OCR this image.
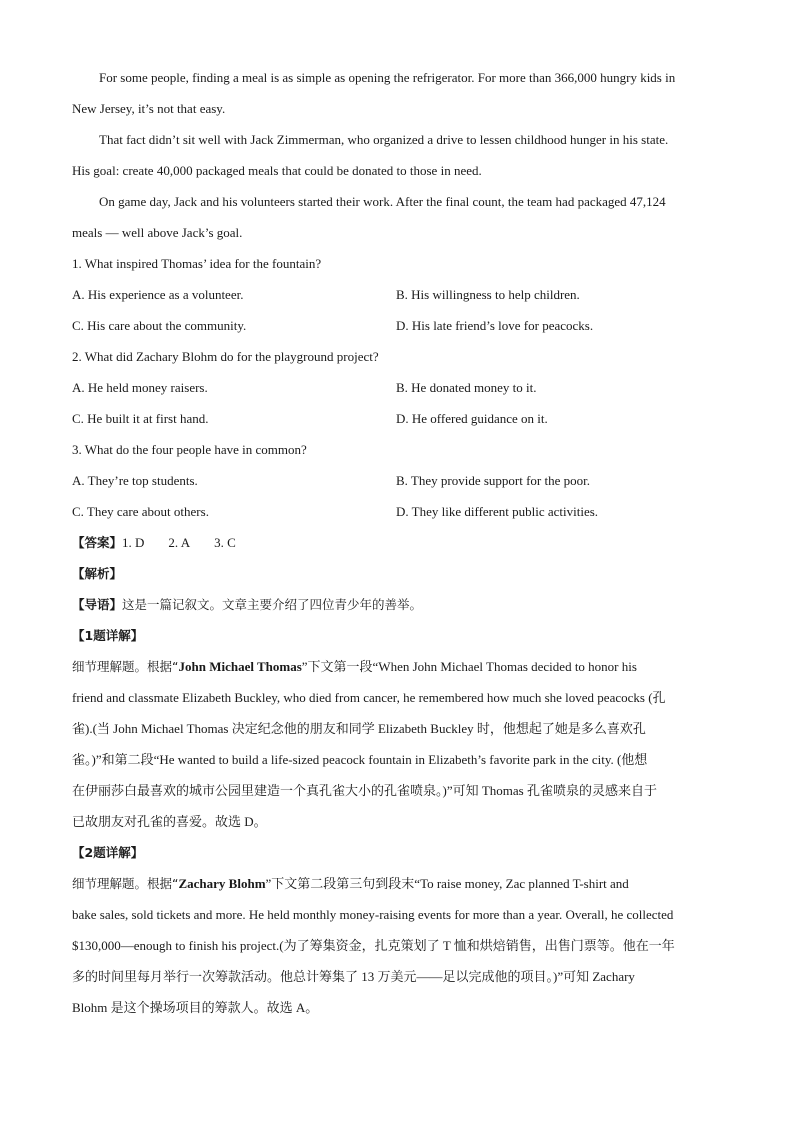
For some people, finding a meal is as simple as opening the refrigerator. For more than 366,000 hungry kids in
New Jersey, it’s not that easy.
That fact didn’t sit well with Jack Zimmerman, who organized a drive to lessen childhood hunger in his state.
His goal: create 40,000 packaged meals that could be donated to those in need.
On game day, Jack and his volunteers started their work. After the final count, the team had packaged 47,124
meals — well above Jack’s goal.
1. What inspired Thomas’ idea for the fountain?
A. His experience as a volunteer.	B. His willingness to help children.
C. His care about the community.	D. His late friend’s love for peacocks.
2. What did Zachary Blohm do for the playground project?
A. He held money raisers.	B. He donated money to it.
C. He built it at first hand.	D. He offered guidance on it.
3. What do the four people have in common?
A. They’re top students.	B. They provide support for the poor.
C. They care about others.	D. They like different public activities.
【答案】1. D 2. A 3. C
【解析】
【导语】这是一篇记叙文。文章主要介绍了四位青少年的善举。
【1题详解】
细节理解题。根据“John Michael Thomas”下文第一段“When John Michael Thomas decided to honor his
friend and classmate Elizabeth Buckley, who died from cancer, he remembered how much she loved peacocks (孔
雀).(当 John Michael Thomas 决定纪念他的朋友和同学 Elizabeth Buckley 时，他想起了她是多么喜欢孔
雀。)”和第二段“He wanted to build a life-sized peacock fountain in Elizabeth’s favorite park in the city. (他想
在伊丽莎白最喜欢的城市公园里建造一个真孔雀大小的孔雀喷泉。)”可知 Thomas 孔雀喷泉的灵感来自于
已故朋友对孔雀的喜爱。故选 D。
【2题详解】
细节理解题。根据“Zachary Blohm”下文第二段第三句到段末“To raise money, Zac planned T-shirt and
bake sales, sold tickets and more. He held monthly money-raising events for more than a year. Overall, he collected
$130,000—enough to finish his project.(为了筹集资金，扎克策划了 T 恤和烘焙销售，出售门票等。他在一年
多的时间里每月举行一次筹款活动。他总计筹集了 13 万美元——足以完成他的项目。)”可知 Zachary
Blohm 是这个操场项目的筹款人。故选 A。
